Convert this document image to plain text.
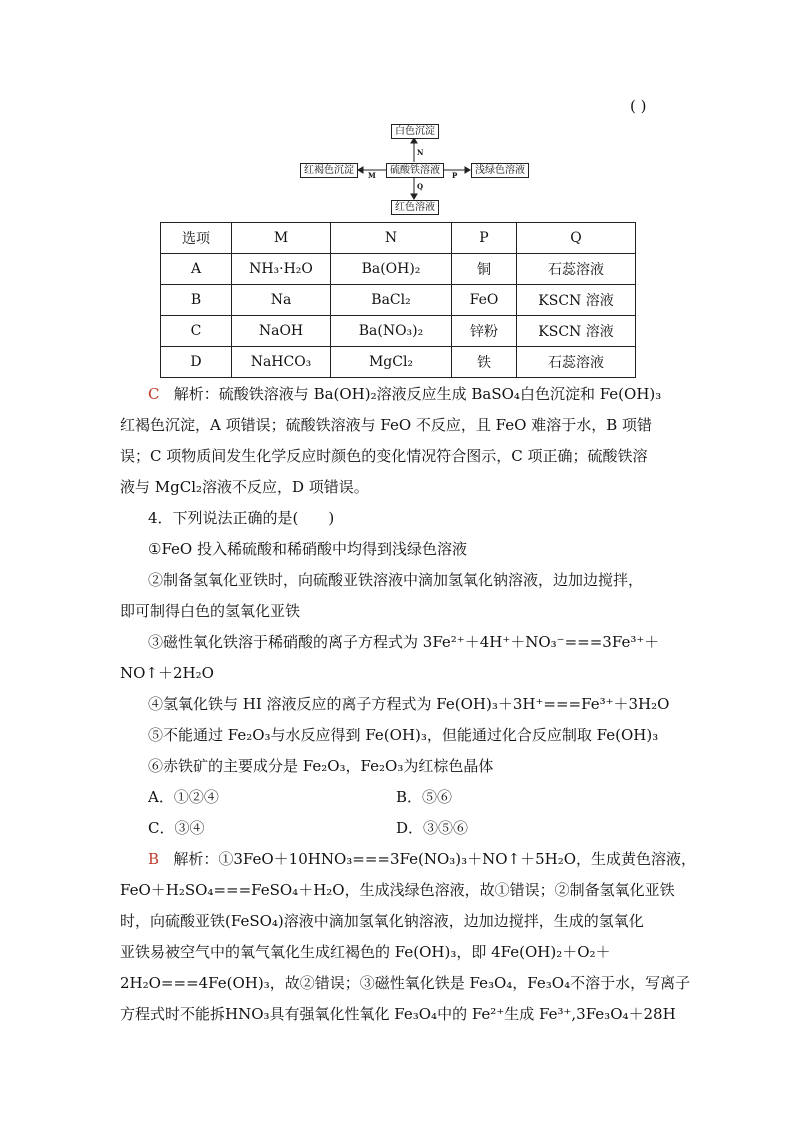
( )
白色沉淀
硫酸铁溶液
红褐色沉淀	浅绿色溶液
红色溶液
N
M	P
Q
选项	M	N	P	Q
A	NH₃·H₂O	Ba(OH)₂	铜	石蕊溶液
B	Na	BaCl₂	FeO	KSCN 溶液
C	NaOH	Ba(NO₃)₂	锌粉	KSCN 溶液
D	NaHCO₃	MgCl₂	铁	石蕊溶液
C 解析：硫酸铁溶液与 Ba(OH)₂溶液反应生成 BaSO₄白色沉淀和 Fe(OH)₃
红褐色沉淀，A 项错误；硫酸铁溶液与 FeO 不反应，且 FeO 难溶于水，B 项错
误；C 项物质间发生化学反应时颜色的变化情况符合图示，C 项正确；硫酸铁溶
液与 MgCl₂溶液不反应，D 项错误。
4．下列说法正确的是(　　)
①FeO 投入稀硫酸和稀硝酸中均得到浅绿色溶液
②制备氢氧化亚铁时，向硫酸亚铁溶液中滴加氢氧化钠溶液，边加边搅拌，
即可制得白色的氢氧化亚铁
③磁性氧化铁溶于稀硝酸的离子方程式为 3Fe²⁺＋4H⁺＋NO₃⁻===3Fe³⁺＋
NO↑＋2H₂O
④氢氧化铁与 HI 溶液反应的离子方程式为 Fe(OH)₃＋3H⁺===Fe³⁺＋3H₂O
⑤不能通过 Fe₂O₃与水反应得到 Fe(OH)₃，但能通过化合反应制取 Fe(OH)₃
⑥赤铁矿的主要成分是 Fe₂O₃，Fe₂O₃为红棕色晶体
A．①②④	B．⑤⑥
C．③④	D．③⑤⑥
B 解析：①3FeO＋10HNO₃===3Fe(NO₃)₃＋NO↑＋5H₂O，生成黄色溶液，
FeO＋H₂SO₄===FeSO₄＋H₂O，生成浅绿色溶液，故①错误；②制备氢氧化亚铁
时，向硫酸亚铁(FeSO₄)溶液中滴加氢氧化钠溶液，边加边搅拌，生成的氢氧化
亚铁易被空气中的氧气氧化生成红褐色的 Fe(OH)₃，即 4Fe(OH)₂＋O₂＋
2H₂O===4Fe(OH)₃，故②错误；③磁性氧化铁是 Fe₃O₄，Fe₃O₄不溶于水，写离子
方程式时不能拆HNO₃具有强氧化性氧化 Fe₃O₄中的 Fe²⁺生成 Fe³⁺,3Fe₃O₄＋28H
